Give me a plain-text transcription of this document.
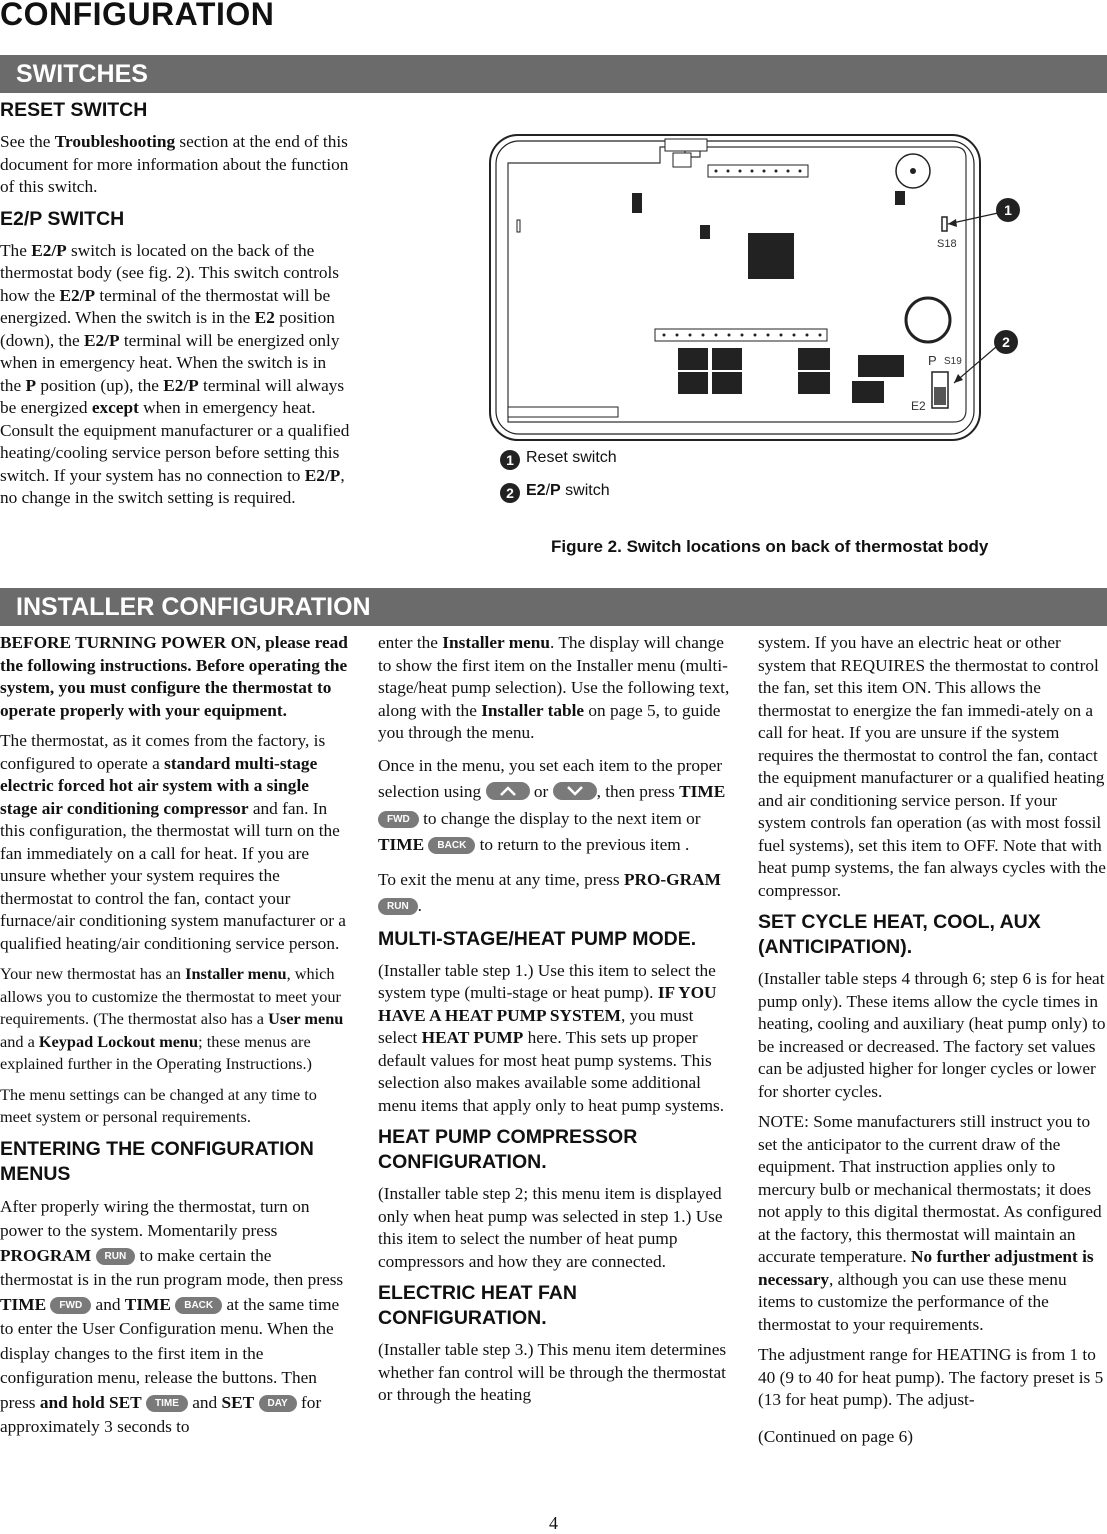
CONFIGURATION
SWITCHES
RESET SWITCH
See the Troubleshooting section at the end of this document for more information about the function of this switch.
E2/P SWITCH
The E2/P switch is located on the back of the thermostat body (see fig. 2). This switch controls how the E2/P terminal of the thermostat will be energized. When the switch is in the E2 position (down), the E2/P terminal will be energized only when in emergency heat. When the switch is in the P position (up), the E2/P terminal will always be energized except when in emergency heat. Consult the equipment manufacturer or a qualified heating/cooling service person before setting this switch. If your system has no connection to E2/P, no change in the switch setting is required.
S18
P S19
E2
1
2
1 Reset switch
2 E2/P switch
Figure 2. Switch locations on back of thermostat body
INSTALLER CONFIGURATION
BEFORE TURNING POWER ON, please read the following instructions. Before operating the system, you must configure the thermostat to operate properly with your equipment.
The thermostat, as it comes from the factory, is configured to operate a standard multi-stage electric forced hot air system with a single stage air conditioning compressor and fan. In this configuration, the thermostat will turn on the fan immediately on a call for heat. If you are unsure whether your system requires the thermostat to control the fan, contact your furnace/air conditioning system manufacturer or a qualified heating/air conditioning service person.
Your new thermostat has an Installer menu, which allows you to customize the thermostat to meet your requirements. (The thermostat also has a User menu and a Keypad Lockout menu; these menus are explained further in the Operating Instructions.)
The menu settings can be changed at any time to meet system or personal requirements.
ENTERING THE CONFIGURATION MENUS
After properly wiring the thermostat, turn on power to the system. Momentarily press PROGRAM RUN to make certain the thermostat is in the run program mode, then press TIME FWD and TIME BACK at the same time to enter the User Configuration menu. When the display changes to the first item in the configuration menu, release the buttons. Then press and hold SET TIME and SET DAY for approximately 3 seconds to
enter the Installer menu. The display will change to show the first item on the Installer menu (multi-stage/heat pump selection). Use the following text, along with the Installer table on page 5, to guide you through the menu.
Once in the menu, you set each item to the proper selection using	or	, then press TIME FWD to change the display to the next item or TIME BACK to return to the previous item .
To exit the menu at any time, press PRO-GRAM RUN .
MULTI-STAGE/HEAT PUMP MODE.
(Installer table step 1.) Use this item to select the system type (multi-stage or heat pump). IF YOU HAVE A HEAT PUMP SYSTEM, you must select HEAT PUMP here. This sets up proper default values for most heat pump systems. This selection also makes available some additional menu items that apply only to heat pump systems.
HEAT PUMP COMPRESSOR CONFIGURATION.
(Installer table step 2; this menu item is displayed only when heat pump was selected in step 1.) Use this item to select the number of heat pump compressors and how they are connected.
ELECTRIC HEAT FAN CONFIGURATION.
(Installer table step 3.) This menu item determines whether fan control will be through the thermostat or through the heating
system. If you have an electric heat or other system that REQUIRES the thermostat to control the fan, set this item ON. This allows the thermostat to energize the fan immedi-ately on a call for heat. If you are unsure if the system requires the thermostat to control the fan, contact the equipment manufacturer or a qualified heating and air conditioning service person. If your system controls fan operation (as with most fossil fuel systems), set this item to OFF. Note that with heat pump systems, the fan always cycles with the compressor.
SET CYCLE HEAT, COOL, AUX (ANTICIPATION).
(Installer table steps 4 through 6; step 6 is for heat pump only). These items allow the cycle times in heating, cooling and auxiliary (heat pump only) to be increased or decreased. The factory set values can be adjusted higher for longer cycles or lower for shorter cycles.
NOTE: Some manufacturers still instruct you to set the anticipator to the current draw of the equipment. That instruction applies only to mercury bulb or mechanical thermostats; it does not apply to this digital thermostat. As configured at the factory, this thermostat will maintain an accurate temperature. No further adjustment is necessary, although you can use these menu items to customize the performance of the thermostat to your requirements.
The adjustment range for HEATING is from 1 to 40 (9 to 40 for heat pump). The factory preset is 5 (13 for heat pump). The adjust-
(Continued on page 6)
4
